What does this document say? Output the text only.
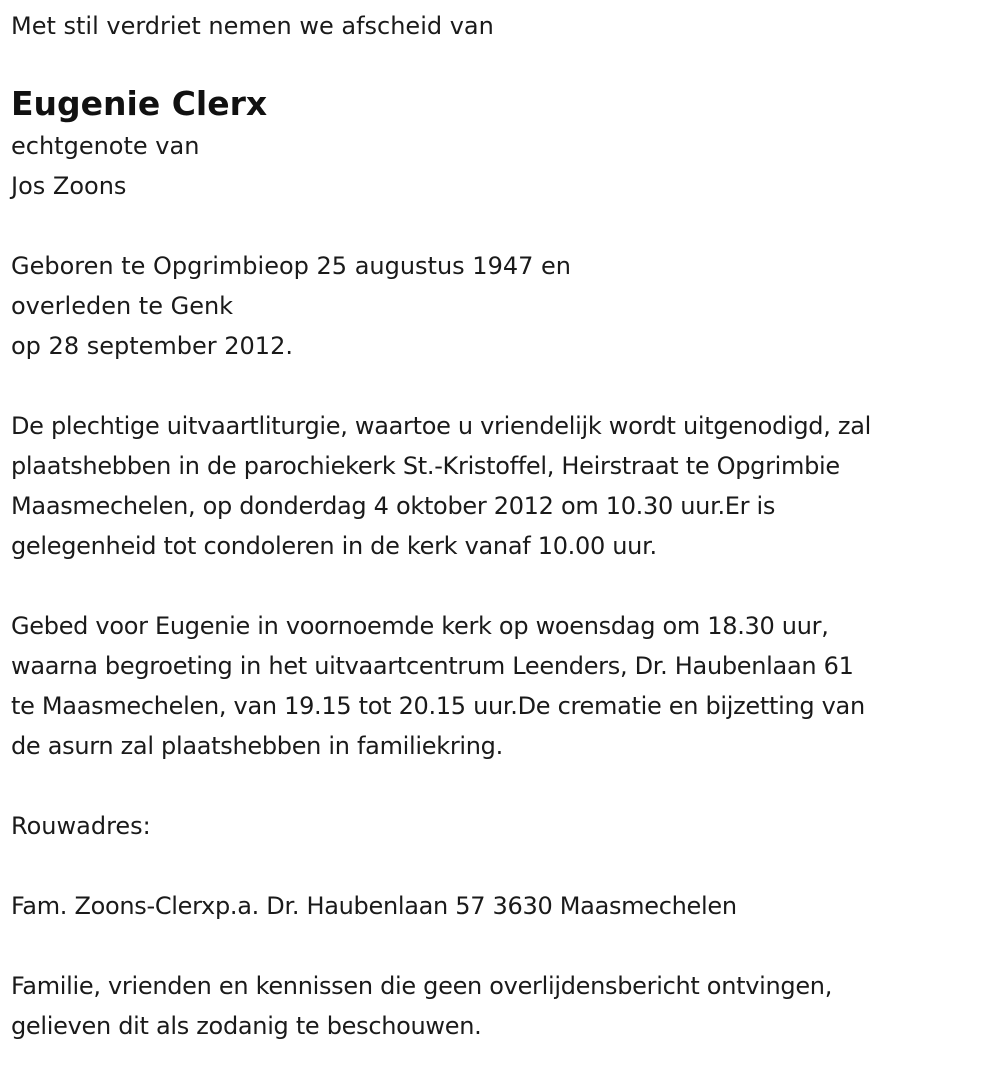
Met stil verdriet nemen we afscheid van
Eugenie Clerx
echtgenote van
Jos Zoons
Geboren te Opgrimbieop 25 augustus 1947 en
overleden te Genk
op 28 september 2012.
De plechtige uitvaartliturgie, waartoe u vriendelijk wordt uitgenodigd, zal
plaatshebben in de parochiekerk St.-Kristoffel, Heirstraat te Opgrimbie
Maasmechelen, op donderdag 4 oktober 2012 om 10.30 uur.Er is
gelegenheid tot condoleren in de kerk vanaf 10.00 uur.
Gebed voor Eugenie in voornoemde kerk op woensdag om 18.30 uur,
waarna begroeting in het uitvaartcentrum Leenders, Dr. Haubenlaan 61
te Maasmechelen, van 19.15 tot 20.15 uur.De crematie en bijzetting van
de asurn zal plaatshebben in familiekring.
Rouwadres:
Fam. Zoons-Clerxp.a. Dr. Haubenlaan 57 3630 Maasmechelen
Familie, vrienden en kennissen die geen overlijdensbericht ontvingen,
gelieven dit als zodanig te beschouwen.
